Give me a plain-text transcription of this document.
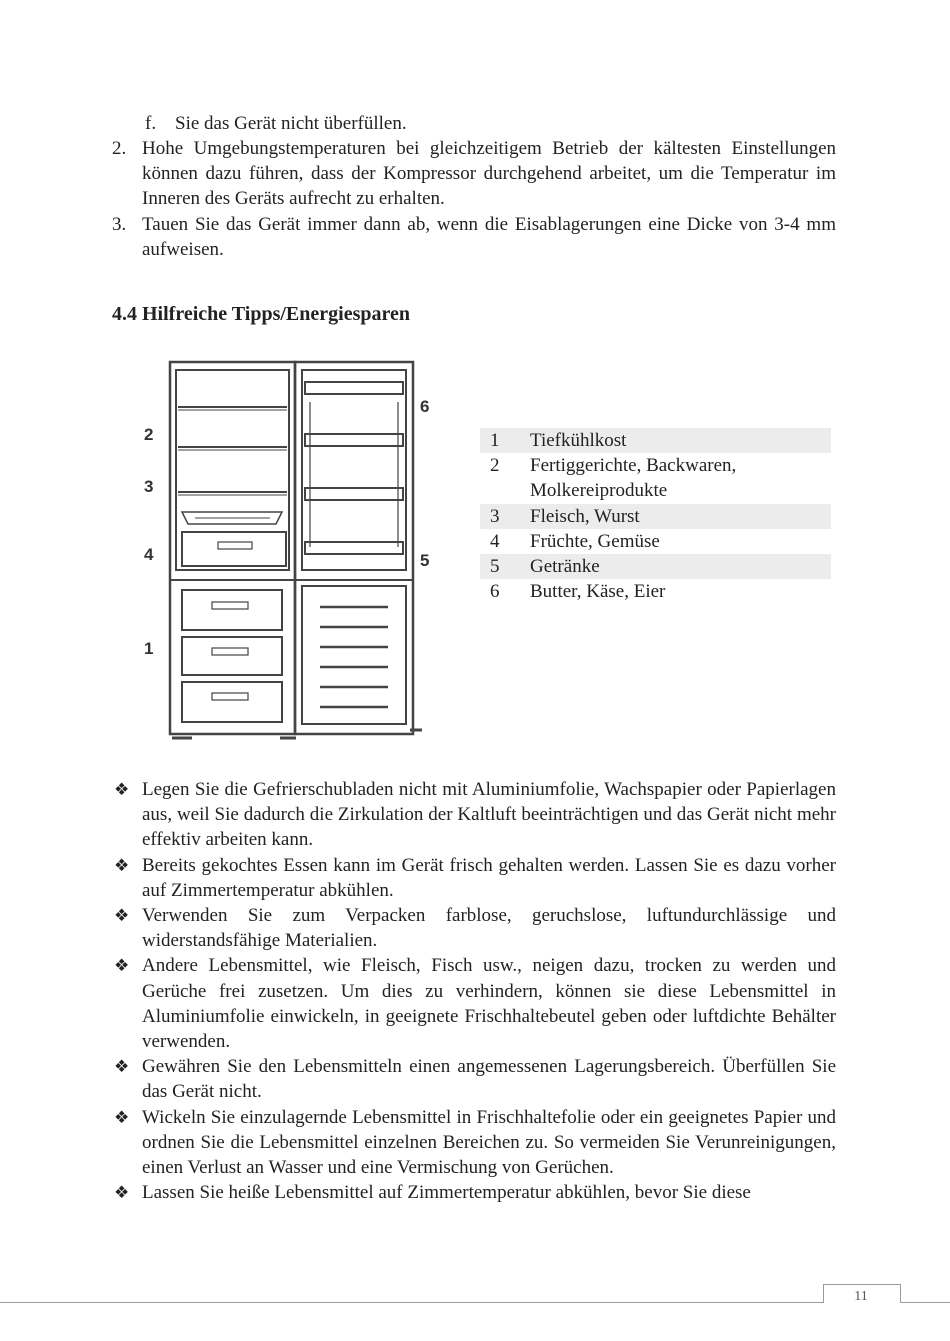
f. Sie das Gerät nicht überfüllen.
2. Hohe Umgebungstemperaturen bei gleichzeitigem Betrieb der kältesten Einstellungen können dazu führen, dass der Kompressor durchgehend arbeitet, um die Temperatur im Inneren des Geräts aufrecht zu erhalten.
3. Tauen Sie das Gerät immer dann ab, wenn die Eisablagerungen eine Dicke von 3-4 mm aufweisen.
4.4 Hilfreiche Tipps/Energiesparen
1
2
3
4	5
6
1	Tiefkühlkost
2	Fertiggerichte, Backwaren, Molkereiprodukte
3	Fleisch, Wurst
4	Früchte, Gemüse
5	Getränke
6	Butter, Käse, Eier
❖ Legen Sie die Gefrierschubladen nicht mit Aluminiumfolie, Wachspapier oder Papierlagen aus, weil Sie dadurch die Zirkulation der Kaltluft beeinträchtigen und das Gerät nicht mehr effektiv arbeiten kann.
❖ Bereits gekochtes Essen kann im Gerät frisch gehalten werden. Lassen Sie es dazu vorher auf Zimmertemperatur abkühlen.
❖ Verwenden Sie zum Verpacken farblose, geruchslose, luftundurchlässige und widerstandsfähige Materialien.
❖ Andere Lebensmittel, wie Fleisch, Fisch usw., neigen dazu, trocken zu werden und Gerüche frei zusetzen. Um dies zu verhindern, können sie diese Lebensmittel in Aluminiumfolie einwickeln, in geeignete Frischhaltebeutel geben oder luftdichte Behälter verwenden.
❖ Gewähren Sie den Lebensmitteln einen angemessenen Lagerungsbereich. Überfüllen Sie das Gerät nicht.
❖ Wickeln Sie einzulagernde Lebensmittel in Frischhaltefolie oder ein geeignetes Papier und ordnen Sie die Lebensmittel einzelnen Bereichen zu. So vermeiden Sie Verunreinigungen, einen Verlust an Wasser und eine Vermischung von Gerüchen.
❖ Lassen Sie heiße Lebensmittel auf Zimmertemperatur abkühlen, bevor Sie diese
11
